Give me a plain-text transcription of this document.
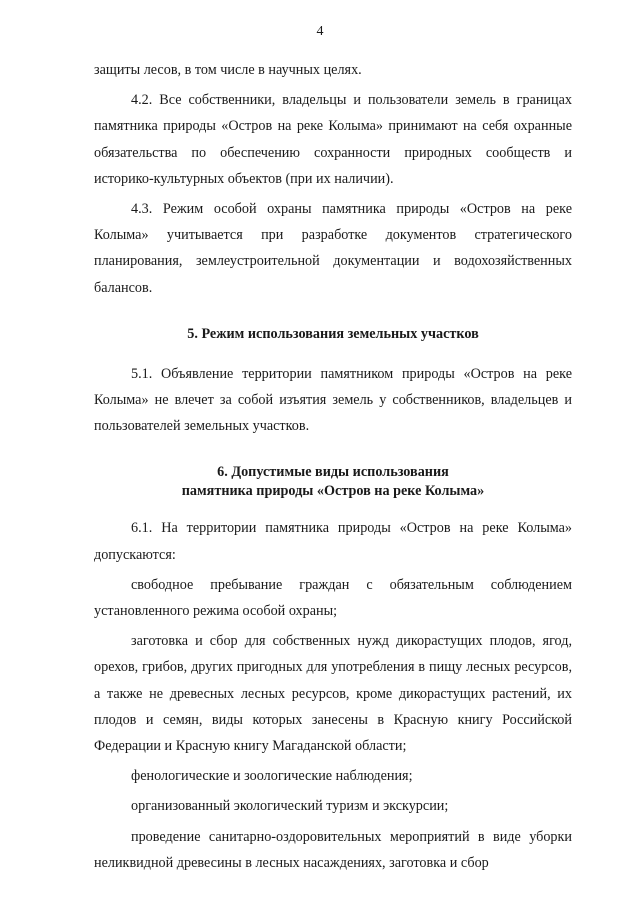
4

защиты лесов, в том числе в научных целях.

4.2. Все собственники, владельцы и пользователи земель в границах памятника природы «Остров на реке Колыма» принимают на себя охранные обязательства по обеспечению сохранности природных сообществ и историко-культурных объектов (при их наличии).

4.3. Режим особой охраны памятника природы «Остров на реке Колыма» учитывается при разработке документов стратегического планирования, землеустроительной документации и водохозяйственных балансов.

5. Режим использования земельных участков

5.1. Объявление территории памятником природы «Остров на реке Колыма» не влечет за собой изъятия земель у собственников, владельцев и пользователей земельных участков.

6. Допустимые виды использования

памятника природы «Остров на реке Колыма»

6.1. На территории памятника природы «Остров на реке Колыма» допускаются:

свободное пребывание граждан с обязательным соблюдением установленного режима особой охраны;

заготовка и сбор для собственных нужд дикорастущих плодов, ягод, орехов, грибов, других пригодных для употребления в пищу лесных ресурсов, а также не древесных лесных ресурсов, кроме дикорастущих растений, их плодов и семян, виды которых занесены в Красную книгу Российской Федерации и Красную книгу Магаданской области;

фенологические и зоологические наблюдения;

организованный экологический туризм и экскурсии;

проведение санитарно-оздоровительных мероприятий в виде уборки неликвидной древесины в лесных насаждениях, заготовка и сбор
